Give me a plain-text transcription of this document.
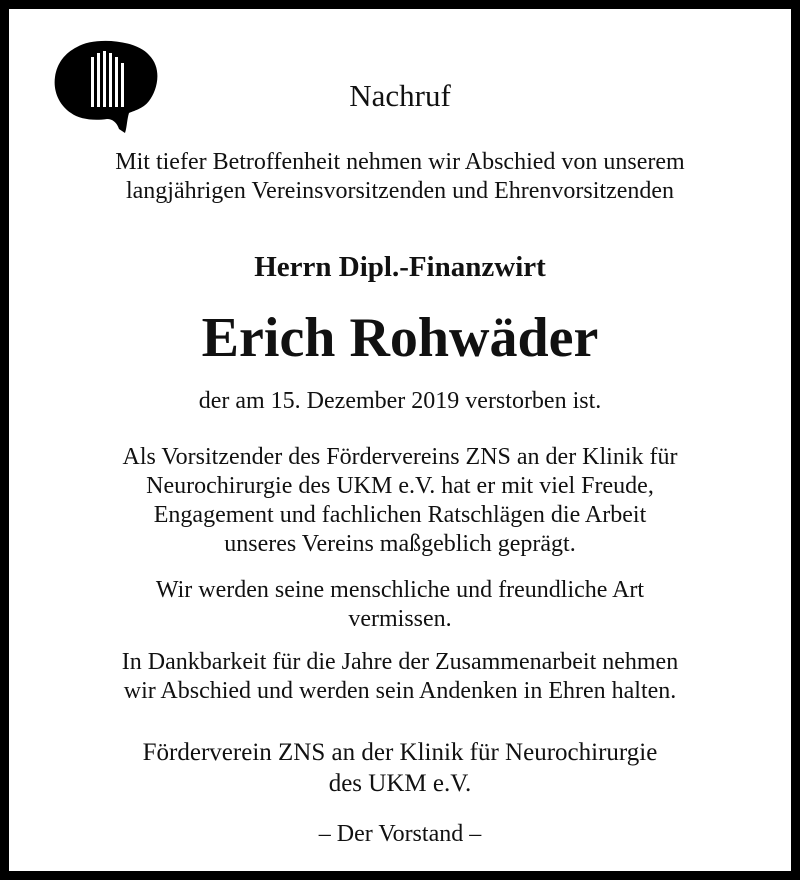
Nachruf
Mit tiefer Betroffenheit nehmen wir Abschied von unserem
langjährigen Vereinsvorsitzenden und Ehrenvorsitzenden
Herrn Dipl.-Finanzwirt
Erich Rohwäder
der am 15. Dezember 2019 verstorben ist.
Als Vorsitzender des Fördervereins ZNS an der Klinik für
Neurochirurgie des UKM e.V. hat er mit viel Freude,
Engagement und fachlichen Ratschlägen die Arbeit
unseres Vereins maßgeblich geprägt.
Wir werden seine menschliche und freundliche Art
vermissen.
In Dankbarkeit für die Jahre der Zusammenarbeit nehmen
wir Abschied und werden sein Andenken in Ehren halten.
Förderverein ZNS an der Klinik für Neurochirurgie
des UKM e.V.
– Der Vorstand –
